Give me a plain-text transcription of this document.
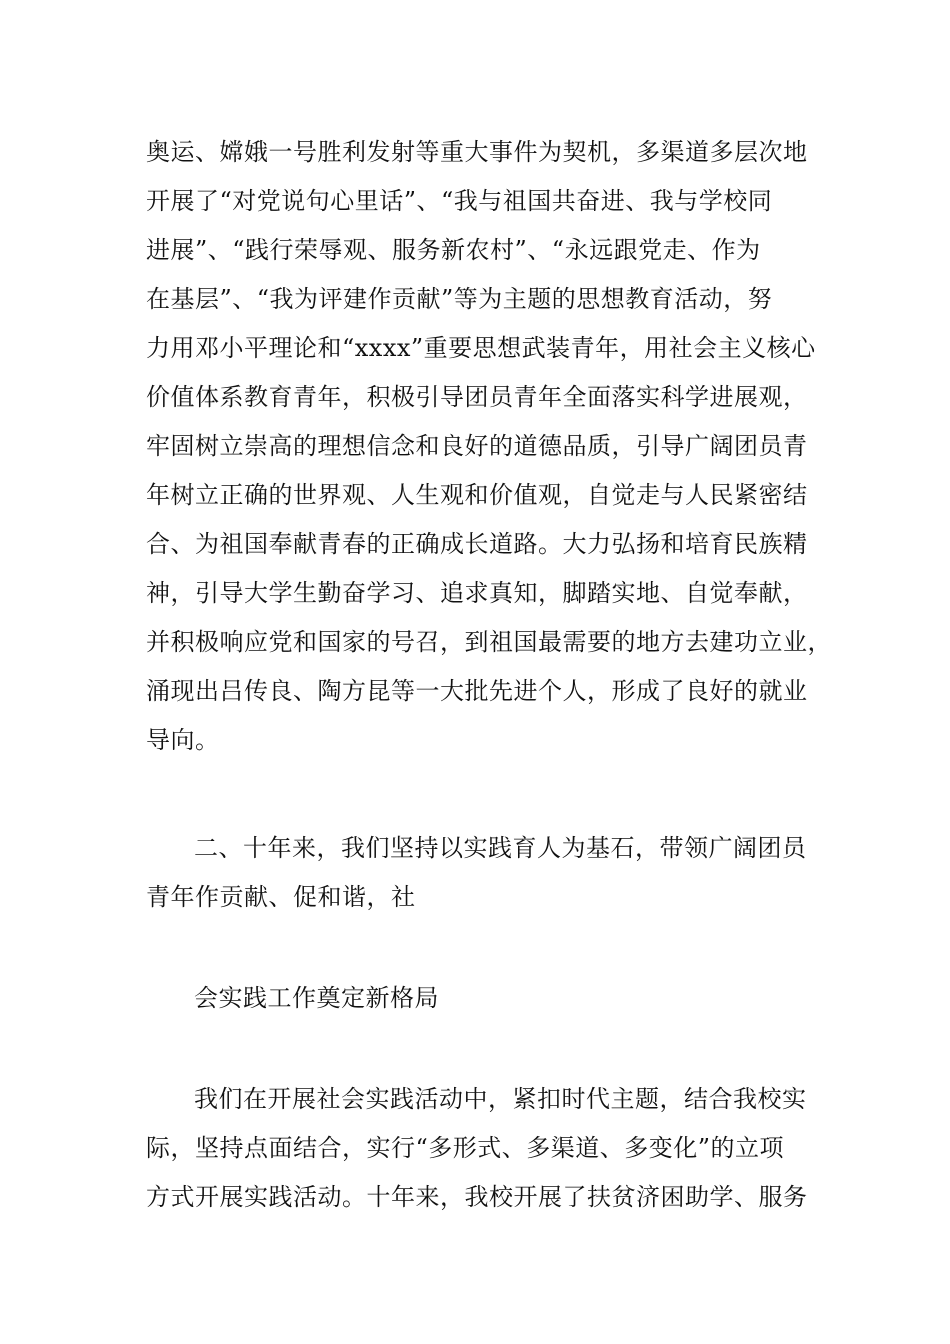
奥运、嫦娥一号胜利发射等重大事件为契机，多渠道多层次地
开展了“对党说句心里话”、“我与祖国共奋进、我与学校同
进展”、“践行荣辱观、服务新农村”、“永远跟党走、作为
在基层”、“我为评建作贡献”等为主题的思想教育活动，努
力用邓小平理论和“xxxx”重要思想武装青年，用社会主义核心
价值体系教育青年，积极引导团员青年全面落实科学进展观，
牢固树立崇高的理想信念和良好的道德品质，引导广阔团员青
年树立正确的世界观、人生观和价值观，自觉走与人民紧密结
合、为祖国奉献青春的正确成长道路。大力弘扬和培育民族精
神，引导大学生勤奋学习、追求真知，脚踏实地、自觉奉献，
并积极响应党和国家的号召，到祖国最需要的地方去建功立业，
涌现出吕传良、陶方昆等一大批先进个人，形成了良好的就业
导向。
二、十年来，我们坚持以实践育人为基石，带领广阔团员
青年作贡献、促和谐，社
会实践工作奠定新格局
我们在开展社会实践活动中，紧扣时代主题，结合我校实
际，坚持点面结合，实行“多形式、多渠道、多变化”的立项
方式开展实践活动。十年来，我校开展了扶贫济困助学、服务
